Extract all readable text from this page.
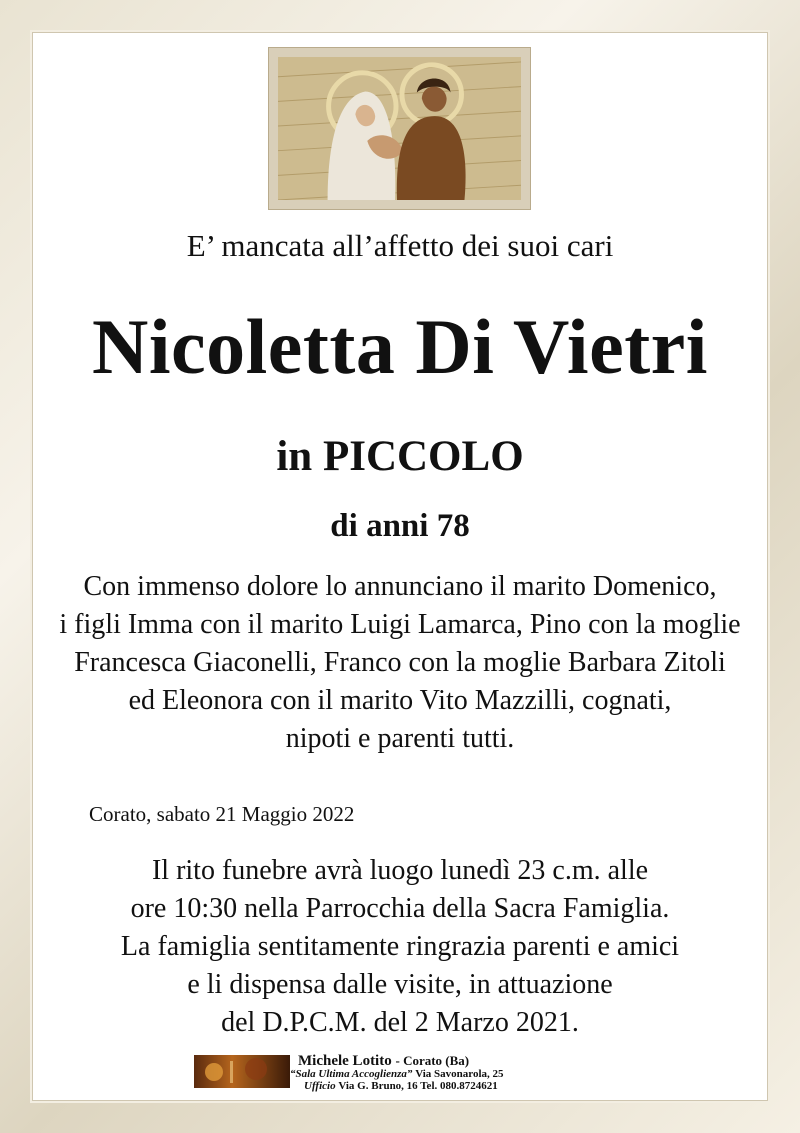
E’ mancata all’affetto dei suoi cari
Nicoletta Di Vietri
in PICCOLO
di anni 78
Con immenso dolore lo annunciano il marito Domenico,
i figli Imma con il marito Luigi Lamarca, Pino con la moglie
Francesca Giaconelli, Franco con la moglie Barbara Zitoli
ed Eleonora con il marito Vito Mazzilli, cognati,
nipoti e parenti tutti.
Corato, sabato 21 Maggio 2022
Il rito funebre avrà luogo lunedì 23 c.m. alle
ore 10:30 nella Parrocchia della Sacra Famiglia.
La famiglia sentitamente ringrazia parenti e amici
e li dispensa dalle visite, in attuazione
del D.P.C.M. del 2 Marzo 2021.
Michele Lotito - Corato (Ba)
“Sala Ultima Accoglienza” Via Savonarola, 25
Ufficio Via G. Bruno, 16 Tel. 080.8724621
